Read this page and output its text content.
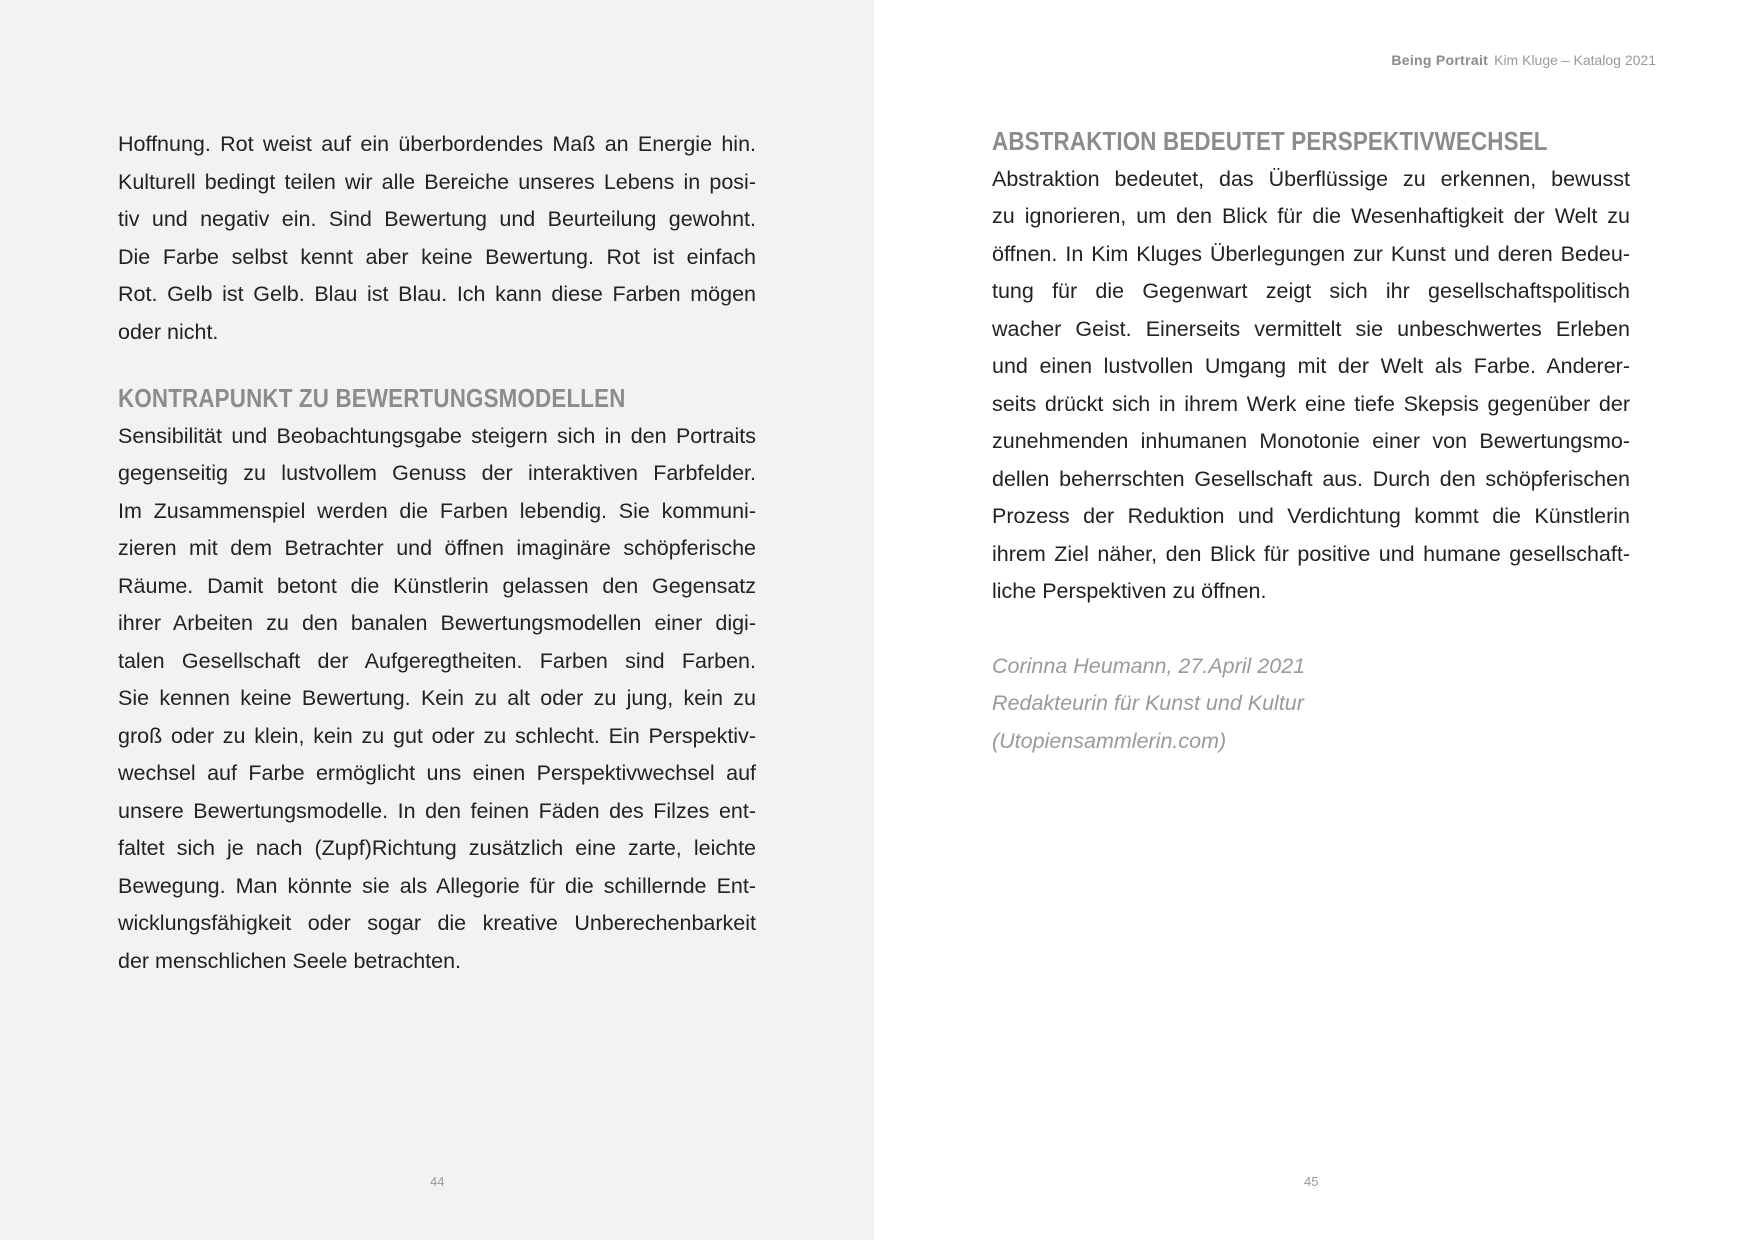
Hoffnung. Rot weist auf ein überbordendes Maß an Energie hin.
Kulturell bedingt teilen wir alle Bereiche unseres Lebens in posi-
tiv und negativ ein. Sind Bewertung und Beurteilung gewohnt.
Die Farbe selbst kennt aber keine Bewertung. Rot ist einfach
Rot. Gelb ist Gelb. Blau ist Blau. Ich kann diese Farben mögen
oder nicht.
KONTRAPUNKT ZU BEWERTUNGSMODELLEN
Sensibilität und Beobachtungsgabe steigern sich in den Portraits
gegenseitig zu lustvollem Genuss der interaktiven Farbfelder.
Im Zusammenspiel werden die Farben lebendig. Sie kommuni-
zieren mit dem Betrachter und öffnen imaginäre schöpferische
Räume. Damit betont die Künstlerin gelassen den Gegensatz
ihrer Arbeiten zu den banalen Bewertungsmodellen einer digi-
talen Gesellschaft der Aufgeregtheiten. Farben sind Farben.
Sie kennen keine Bewertung. Kein zu alt oder zu jung, kein zu
groß oder zu klein, kein zu gut oder zu schlecht. Ein Perspektiv-
wechsel auf Farbe ermöglicht uns einen Perspektivwechsel auf
unsere Bewertungsmodelle. In den feinen Fäden des Filzes ent-
faltet sich je nach (Zupf)Richtung zusätzlich eine zarte, leichte
Bewegung. Man könnte sie als Allegorie für die schillernde Ent-
wicklungsfähigkeit oder sogar die kreative Unberechenbarkeit
der menschlichen Seele betrachten.
44
Being Portrait Kim Kluge – Katalog 2021
ABSTRAKTION BEDEUTET PERSPEKTIVWECHSEL
Abstraktion bedeutet, das Überflüssige zu erkennen, bewusst
zu ignorieren, um den Blick für die Wesenhaftigkeit der Welt zu
öffnen. In Kim Kluges Überlegungen zur Kunst und deren Bedeu-
tung für die Gegenwart zeigt sich ihr gesellschaftspolitisch
wacher Geist. Einerseits vermittelt sie unbeschwertes Erleben
und einen lustvollen Umgang mit der Welt als Farbe. Anderer-
seits drückt sich in ihrem Werk eine tiefe Skepsis gegenüber der
zunehmenden inhumanen Monotonie einer von Bewertungsmo-
dellen beherrschten Gesellschaft aus. Durch den schöpferischen
Prozess der Reduktion und Verdichtung kommt die Künstlerin
ihrem Ziel näher, den Blick für positive und humane gesellschaft-
liche Perspektiven zu öffnen.
Corinna Heumann, 27.April 2021
Redakteurin für Kunst und Kultur
(Utopiensammlerin.com)
45
